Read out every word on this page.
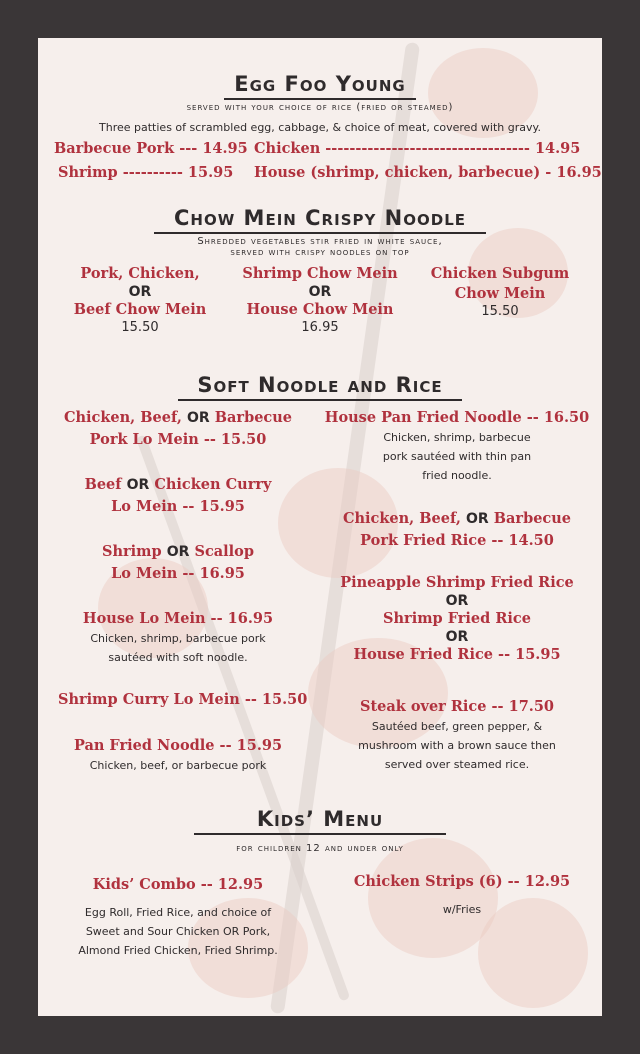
Egg Foo Young
served with your choice of rice (fried or steamed)
Three patties of scrambled egg, cabbage, & choice of meat, covered with gravy.
Barbecue Pork --- 14.95 Chicken ---------------------------------- 14.95
Shrimp ---------- 15.95 House (shrimp, chicken, barbecue) - 16.95
Chow Mein Crispy Noodle
Shredded vegetables stir fried in white sauce,
served with crispy noodles on top
Pork, Chicken,
OR
Beef Chow Mein
15.50
Shrimp Chow Mein
OR
House Chow Mein
16.95
Chicken Subgum
Chow Mein
15.50
Soft Noodle and Rice
Chicken, Beef, OR Barbecue
Pork Lo Mein -- 15.50
Beef OR Chicken Curry
Lo Mein -- 15.95
Shrimp OR Scallop
Lo Mein -- 16.95
House Lo Mein -- 16.95
Chicken, shrimp, barbecue pork
sautéed with soft noodle.
Shrimp Curry Lo Mein -- 15.50
Pan Fried Noodle -- 15.95
Chicken, beef, or barbecue pork
House Pan Fried Noodle -- 16.50
Chicken, shrimp, barbecue
pork sautéed with thin pan
fried noodle.
Chicken, Beef, OR Barbecue
Pork Fried Rice -- 14.50
Pineapple Shrimp Fried Rice
OR
Shrimp Fried Rice
OR
House Fried Rice -- 15.95
Steak over Rice -- 17.50
Sautéed beef, green pepper, &
mushroom with a brown sauce then
served over steamed rice.
Kids’ Menu
for children 12 and under only
Kids’ Combo -- 12.95
Egg Roll, Fried Rice, and choice of
Sweet and Sour Chicken OR Pork,
Almond Fried Chicken, Fried Shrimp.
Chicken Strips (6) -- 12.95
w/Fries
